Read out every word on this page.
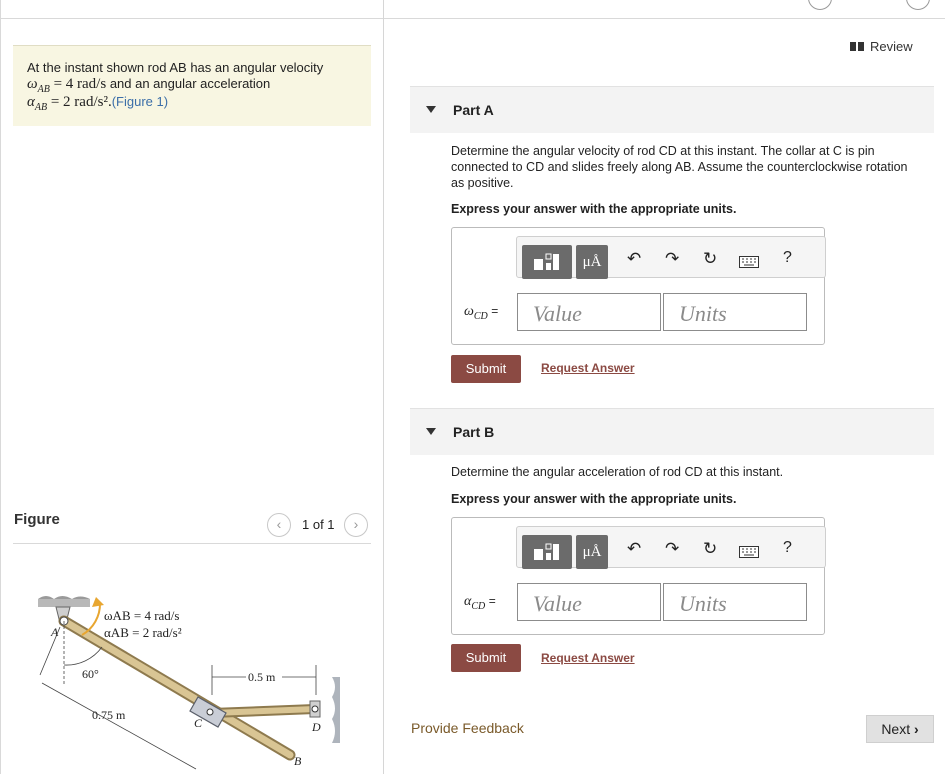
At the instant shown rod AB has an angular velocity
$\omega_{AB} = 4$ rad/s and an angular acceleration
$\alpha_{AB} = 2$ rad/s².(Figure 1)
Figure	‹	1 of 1	›
ωAB = 4 rad/s
αAB = 2 rad/s²
60°
0.75 m
0.5 m
A
B
C	D
Review
Part A
Determine the angular velocity of rod CD at this instant. The collar at C is pin
connected to CD and slides freely along AB. Assume the counterclockwise rotation
as positive.
Express your answer with the appropriate units.
μÅ ↶ ↷ ↻	?
$\omega_{CD}$ = Value	Units
Submit	Request Answer
Part B
Determine the angular acceleration of rod CD at this instant.
Express your answer with the appropriate units.
μÅ ↶ ↷ ↻	?
$\alpha_{CD}$ = Value	Units
Submit	Request Answer
Provide Feedback	Next ›
